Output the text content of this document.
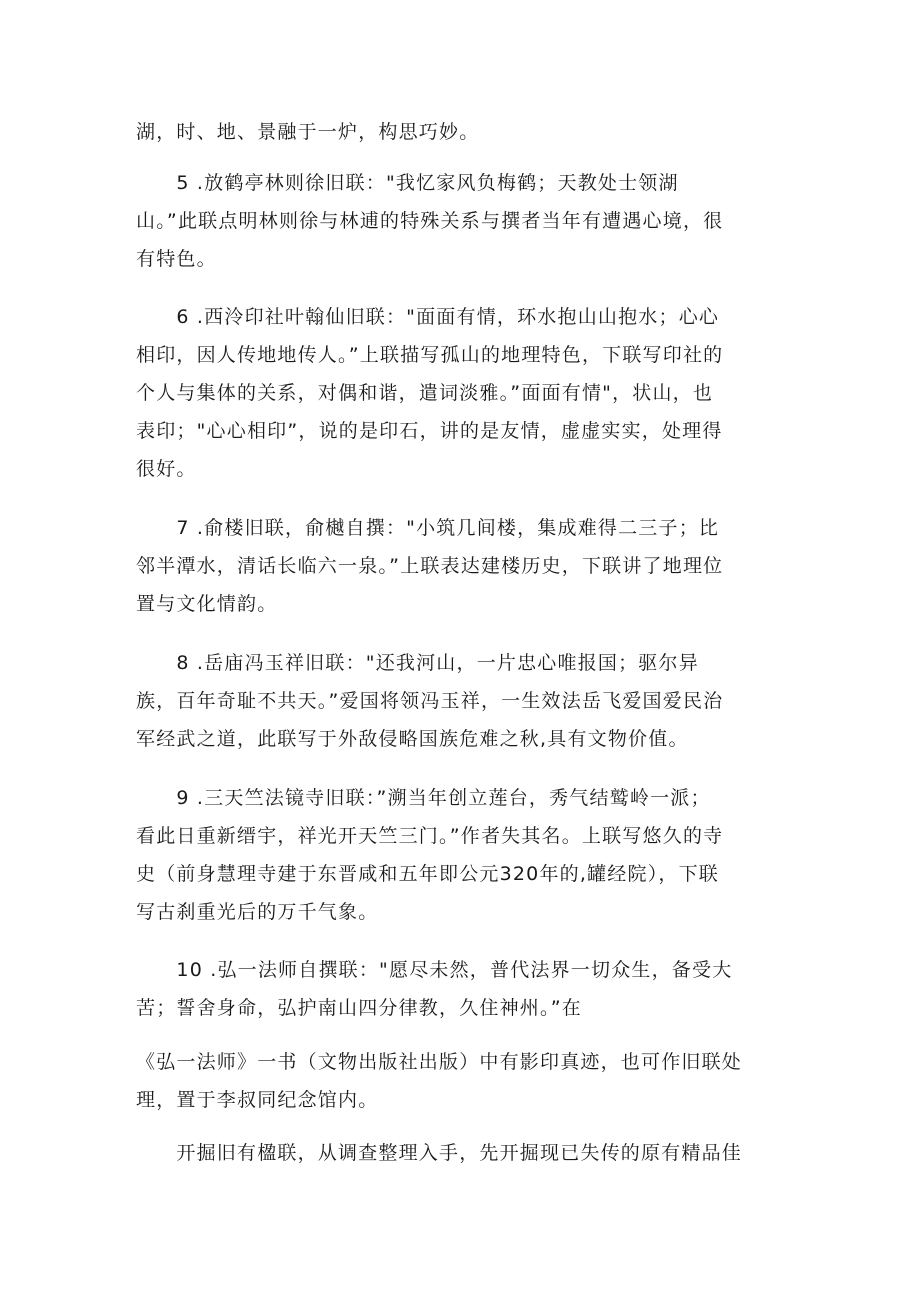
湖，时、地、景融于一炉，构思巧妙。
　　5 .放鹤亭林则徐旧联："我忆家风负梅鹤；天教处士领湖
山。”此联点明林则徐与林逋的特殊关系与撰者当年有遭遇心境，很
有特色。
　　6 .西泠印社叶翰仙旧联："面面有情，环水抱山山抱水；心心
相印，因人传地地传人。”上联描写孤山的地理特色，下联写印社的
个人与集体的关系，对偶和谐，遣词淡雅。”面面有情"，状山，也
表印；"心心相印”，说的是印石，讲的是友情，虚虚实实，处理得
很好。
　　7 .俞楼旧联，俞樾自撰："小筑几间楼，集成难得二三子；比
邻半潭水，清话长临六一泉。”上联表达建楼历史，下联讲了地理位
置与文化情韵。
　　8 .岳庙冯玉祥旧联："还我河山，一片忠心唯报国；驱尔异
族，百年奇耻不共天。”爱国将领冯玉祥，一生效法岳飞爱国爱民治
军经武之道，此联写于外敌侵略国族危难之秋,具有文物价值。
　　9 .三天竺法镜寺旧联：”溯当年创立莲台，秀气结鹫岭一派；
看此日重新缙宇，祥光开天竺三门。”作者失其名。上联写悠久的寺
史（前身慧理寺建于东晋咸和五年即公元320年的,罐经院），下联
写古刹重光后的万千气象。
　　10 .弘一法师自撰联："愿尽未然，普代法界一切众生，备受大
苦；誓舍身命，弘护南山四分律教，久住神州。”在
《弘一法师》一书（文物出版社出版）中有影印真迹，也可作旧联处
理，置于李叔同纪念馆内。
　　开掘旧有楹联，从调查整理入手，先开掘现已失传的原有精品佳
